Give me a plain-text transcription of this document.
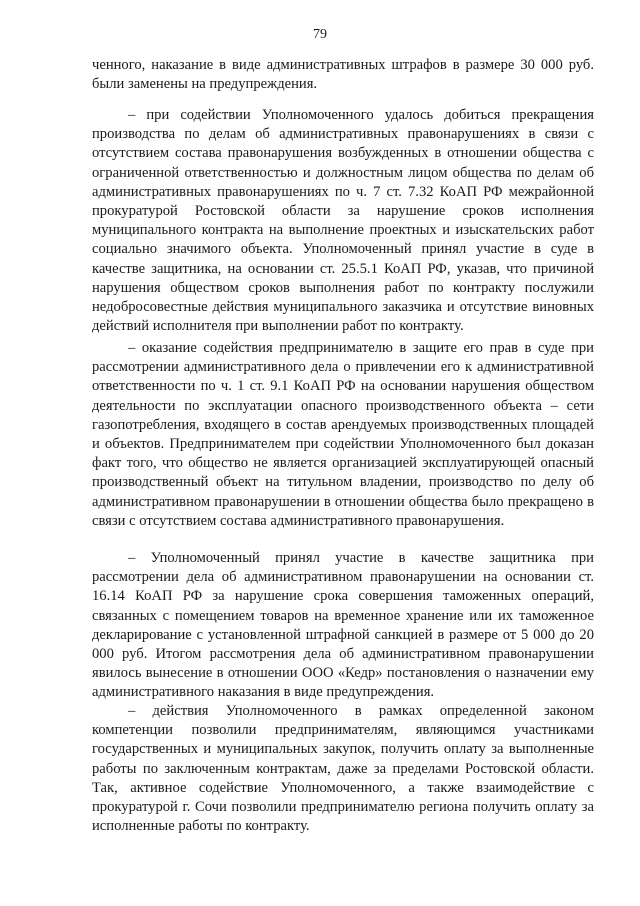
79

ченного, наказание в виде административных штрафов в размере 30 000 руб. были заменены на предупреждения.

– при содействии Уполномоченного удалось добиться прекращения производства по делам об административных правонарушениях в связи с отсутствием состава правонарушения возбужденных в отношении общества с ограниченной ответственностью и должностным лицом общества по делам об административных правонарушениях по ч. 7 ст. 7.32 КоАП РФ межрайонной прокуратурой Ростовской области за нарушение сроков исполнения муниципального контракта на выполнение проектных и изыскательских работ социально значимого объекта. Уполномоченный принял участие в суде в качестве защитника, на основании ст. 25.5.1 КоАП РФ, указав, что причиной нарушения обществом сроков выполнения работ по контракту послужили недобросовестные действия муниципального заказчика и отсутствие виновных действий исполнителя при выполнении работ по контракту.

– оказание содействия предпринимателю в защите его прав в суде при рассмотрении административного дела о привлечении его к административной ответственности по ч. 1 ст. 9.1 КоАП РФ на основании нарушения обществом деятельности по эксплуатации опасного производственного объекта – сети газопотребления, входящего в состав арендуемых производственных площадей и объектов. Предпринимателем при содействии Уполномоченного был доказан факт того, что общество не является организацией эксплуатирующей опасный производственный объект на титульном владении, производство по делу об административном правонарушении в отношении общества было прекращено в связи с отсутствием состава административного правонарушения.

– Уполномоченный принял участие в качестве защитника при рассмотрении дела об административном правонарушении на основании ст. 16.14 КоАП РФ за нарушение срока совершения таможенных операций, связанных с помещением товаров на временное хранение или их таможенное декларирование с установленной штрафной санкцией в размере от 5 000 до 20 000 руб. Итогом рассмотрения дела об административном правонарушении явилось вынесение в отношении ООО «Кедр» постановления о назначении ему административного наказания в виде предупреждения.

– действия Уполномоченного в рамках определенной законом компетенции позволили предпринимателям, являющимся участниками государственных и муниципальных закупок, получить оплату за выполненные работы по заключенным контрактам, даже за пределами Ростовской области. Так, активное содействие Уполномоченного, а также взаимодействие с прокуратурой г. Сочи позволили предпринимателю региона получить оплату за исполненные работы по контракту.
